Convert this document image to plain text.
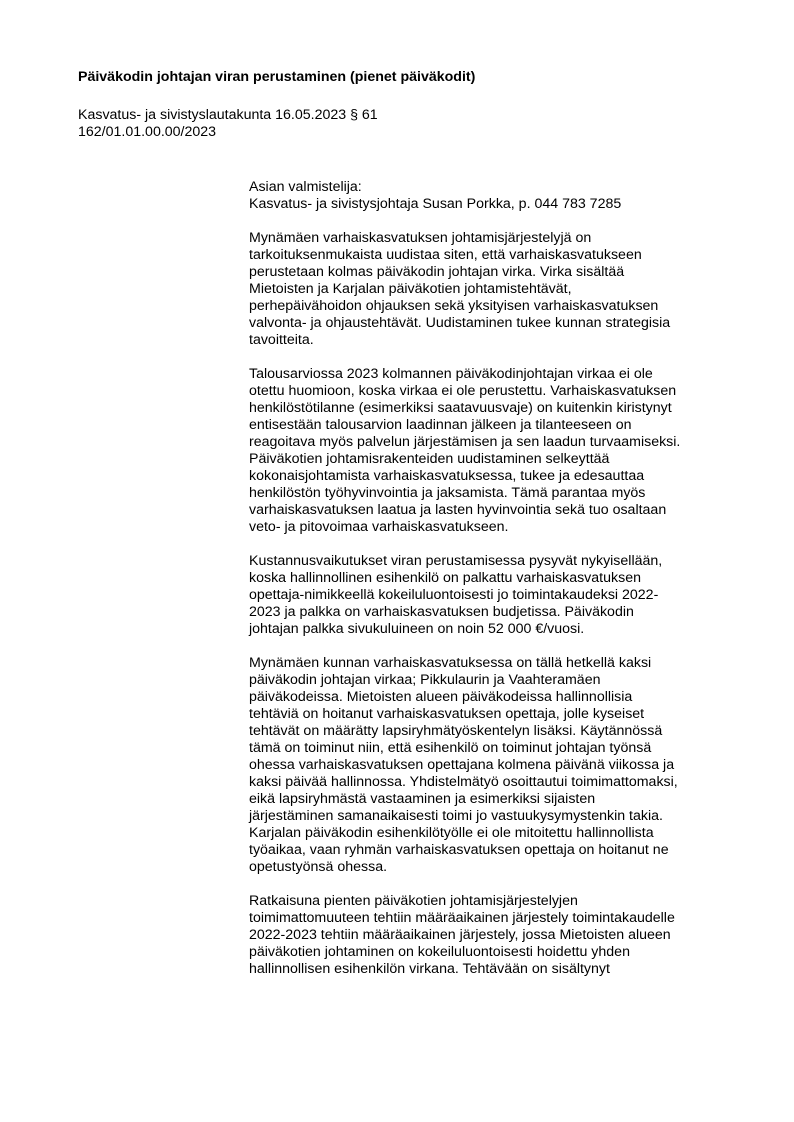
Päiväkodin johtajan viran perustaminen (pienet päiväkodit)
Kasvatus- ja sivistyslautakunta 16.05.2023 § 61
162/01.01.00.00/2023
Asian valmistelija:
Kasvatus- ja sivistysjohtaja Susan Porkka, p. 044 783 7285
Mynämäen varhaiskasvatuksen johtamisjärjestelyjä on
tarkoituksenmukaista uudistaa siten, että varhaiskasvatukseen
perustetaan kolmas päiväkodin johtajan virka. Virka sisältää
Mietoisten ja Karjalan päiväkotien johtamistehtävät,
perhepäivähoidon ohjauksen sekä yksityisen varhaiskasvatuksen
valvonta- ja ohjaustehtävät. Uudistaminen tukee kunnan strategisia
tavoitteita.
Talousarviossa 2023 kolmannen päiväkodinjohtajan virkaa ei ole
otettu huomioon, koska virkaa ei ole perustettu. Varhaiskasvatuksen
henkilöstötilanne (esimerkiksi saatavuusvaje) on kuitenkin kiristynyt
entisestään talousarvion laadinnan jälkeen ja tilanteeseen on
reagoitava myös palvelun järjestämisen ja sen laadun turvaamiseksi.
Päiväkotien johtamisrakenteiden uudistaminen selkeyttää
kokonaisjohtamista varhaiskasvatuksessa, tukee ja edesauttaa
henkilöstön työhyvinvointia ja jaksamista. Tämä parantaa myös
varhaiskasvatuksen laatua ja lasten hyvinvointia sekä tuo osaltaan
veto- ja pitovoimaa varhaiskasvatukseen.
Kustannusvaikutukset viran perustamisessa pysyvät nykyisellään,
koska hallinnollinen esihenkilö on palkattu varhaiskasvatuksen
opettaja-nimikkeellä kokeiluluontoisesti jo toimintakaudeksi 2022-
2023 ja palkka on varhaiskasvatuksen budjetissa. Päiväkodin
johtajan palkka sivukuluineen on noin 52 000 €/vuosi.
Mynämäen kunnan varhaiskasvatuksessa on tällä hetkellä kaksi
päiväkodin johtajan virkaa; Pikkulaurin ja Vaahteramäen
päiväkodeissa. Mietoisten alueen päiväkodeissa hallinnollisia
tehtäviä on hoitanut varhaiskasvatuksen opettaja, jolle kyseiset
tehtävät on määrätty lapsiryhmätyöskentelyn lisäksi. Käytännössä
tämä on toiminut niin, että esihenkilö on toiminut johtajan työnsä
ohessa varhaiskasvatuksen opettajana kolmena päivänä viikossa ja
kaksi päivää hallinnossa. Yhdistelmätyö osoittautui toimimattomaksi,
eikä lapsiryhmästä vastaaminen ja esimerkiksi sijaisten
järjestäminen samanaikaisesti toimi jo vastuukysymystenkin takia.
Karjalan päiväkodin esihenkilötyölle ei ole mitoitettu hallinnollista
työaikaa, vaan ryhmän varhaiskasvatuksen opettaja on hoitanut ne
opetustyönsä ohessa.
Ratkaisuna pienten päiväkotien johtamisjärjestelyjen
toimimattomuuteen tehtiin määräaikainen järjestely toimintakaudelle
2022-2023 tehtiin määräaikainen järjestely, jossa Mietoisten alueen
päiväkotien johtaminen on kokeiluluontoisesti hoidettu yhden
hallinnollisen esihenkilön virkana. Tehtävään on sisältynyt
